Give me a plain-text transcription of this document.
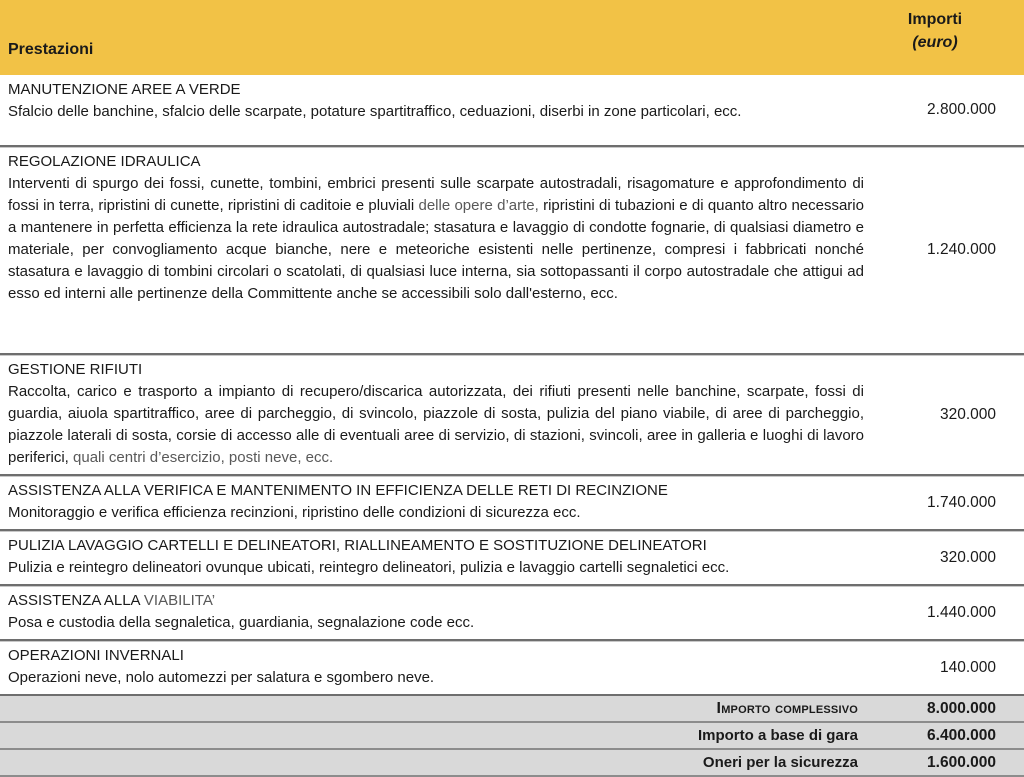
Prestazioni
Importi
(euro)
MANUTENZIONE AREE A VERDE
Sfalcio delle banchine, sfalcio delle scarpate, potature spartitraffico, ceduazioni, diserbi in zone particolari, ecc.	2.800.000
REGOLAZIONE IDRAULICA
Interventi di spurgo dei fossi, cunette, tombini, embrici presenti sulle scarpate autostradali, risagomature e approfondimento di fossi in terra, ripristini di cunette, ripristini di caditoie e pluviali delle opere d’arte, ripristini di tubazioni e di quanto altro necessario a mantenere in perfetta efficienza la rete idraulica autostradale; stasatura e lavaggio di condotte fognarie, di qualsiasi diametro e materiale, per convogliamento acque bianche, nere e meteoriche esistenti nelle pertinenze, compresi i fabbricati nonché stasatura e lavaggio di tombini circolari o scatolati, di qualsiasi luce interna, sia sottopassanti il corpo autostradale che attigui ad esso ed interni alle pertinenze della Committente anche se accessibili solo dall'esterno, ecc.
1.240.000
GESTIONE RIFIUTI
Raccolta, carico e trasporto a impianto di recupero/discarica autorizzata, dei rifiuti presenti nelle banchine, scarpate, fossi di guardia, aiuola spartitraffico, aree di parcheggio, di svincolo, piazzole di sosta, pulizia del piano viabile, di aree di parcheggio, piazzole laterali di sosta, corsie di accesso alle di eventuali aree di servizio, di stazioni, svincoli, aree in galleria e luoghi di lavoro periferici, quali centri d’esercizio, posti neve, ecc.
320.000
ASSISTENZA ALLA VERIFICA E MANTENIMENTO IN EFFICIENZA DELLE RETI DI RECINZIONE
Monitoraggio e verifica efficienza recinzioni, ripristino delle condizioni di sicurezza ecc.
1.740.000
PULIZIA LAVAGGIO CARTELLI E DELINEATORI, RIALLINEAMENTO E SOSTITUZIONE DELINEATORI
Pulizia e reintegro delineatori ovunque ubicati, reintegro delineatori, pulizia e lavaggio cartelli segnaletici ecc.
320.000
ASSISTENZA ALLA VIABILITA’
Posa e custodia della segnaletica, guardiania, segnalazione code ecc.
1.440.000
OPERAZIONI INVERNALI
Operazioni neve, nolo automezzi per salatura e sgombero neve.
140.000
Importo complessivo	8.000.000
Importo a base di gara	6.400.000
Oneri per la sicurezza	1.600.000
